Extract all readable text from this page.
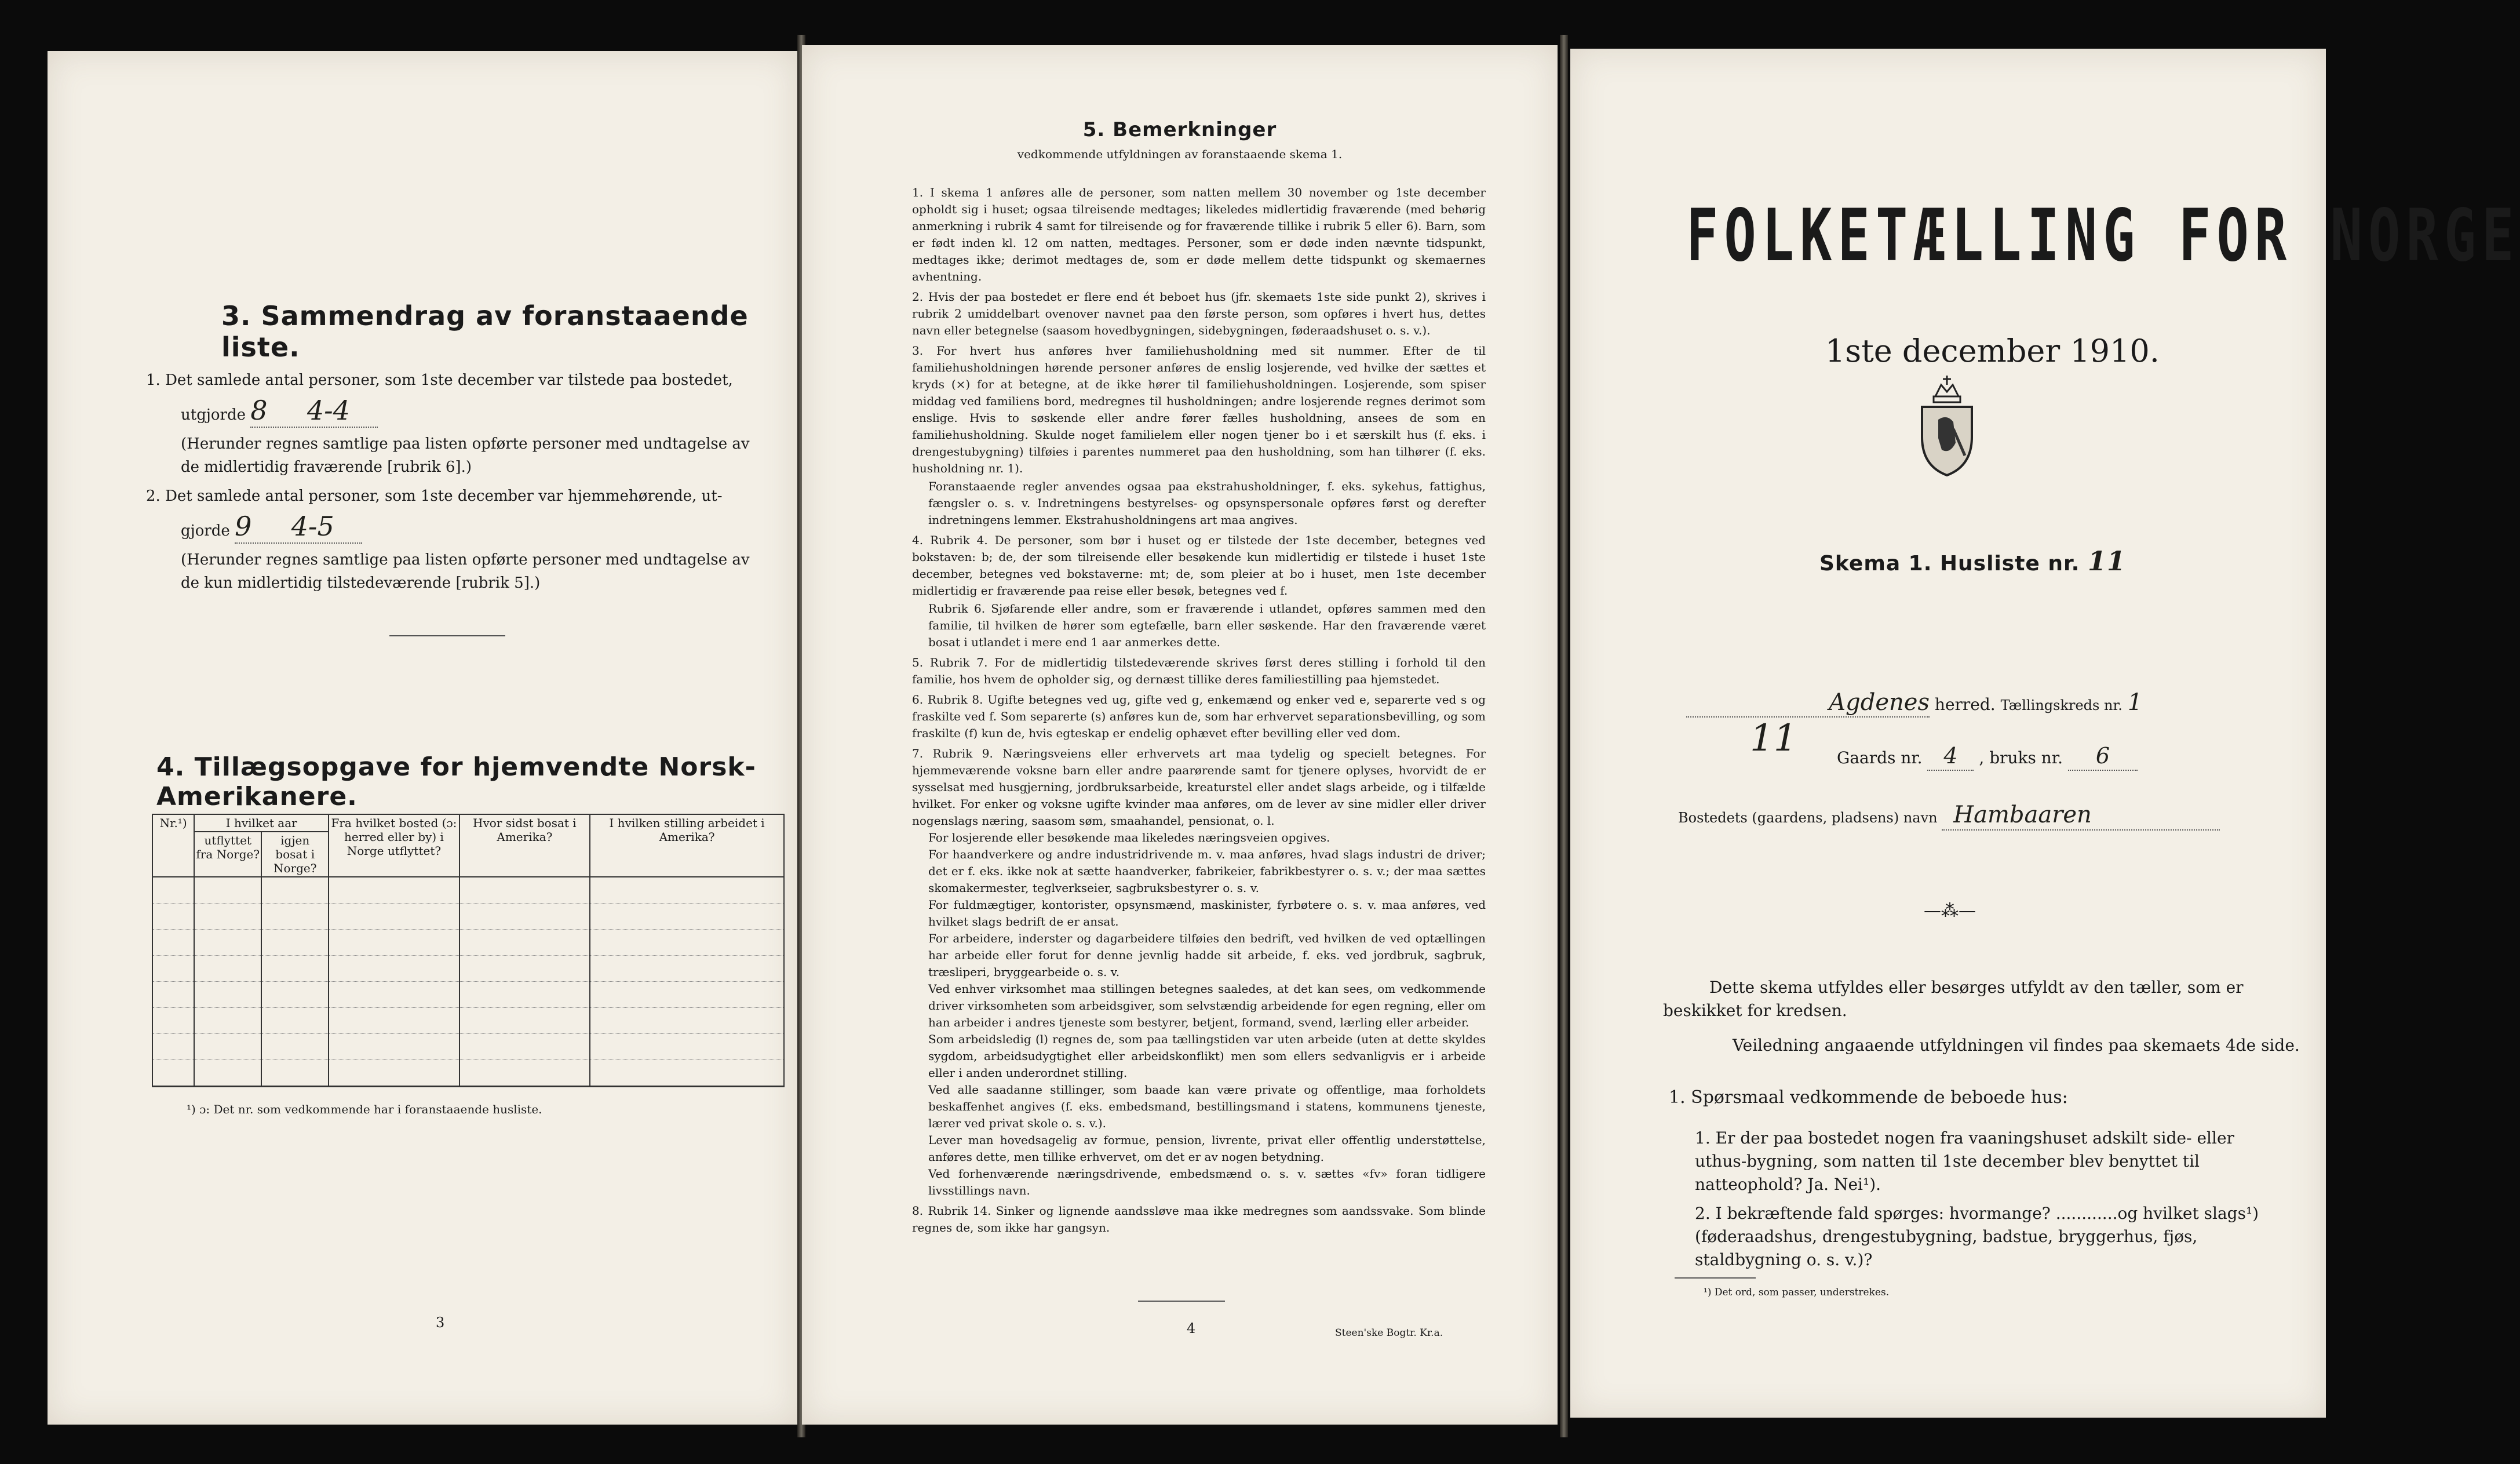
3. Sammendrag av foranstaaende liste.
1. Det samlede antal personer, som 1ste december var tilstede paa bostedet,
utgjorde 8 4-4
(Herunder regnes samtlige paa listen opførte personer med undtagelse av de midlertidig fraværende [rubrik 6].)
2. Det samlede antal personer, som 1ste december var hjemmehørende, ut-
gjorde 9 4-5
(Herunder regnes samtlige paa listen opførte personer med undtagelse av de kun midlertidig tilstedeværende [rubrik 5].)
4. Tillægsopgave for hjemvendte Norsk-Amerikanere.
Nr.¹)	I hvilket aar		Fra hvilket bosted (ɔ: herred eller by) i Norge utflyttet?	Hvor sidst bosat i Amerika?	I hvilken stilling arbeidet i Amerika?
	utflyttet fra Norge?	igjen bosat i Norge?			

¹) ɔ: Det nr. som vedkommende har i foranstaaende husliste.
3
5. Bemerkninger
vedkommende utfyldningen av foranstaaende skema 1.

1. I skema 1 anføres alle de personer, som natten mellem 30 november og 1ste december opholdt sig i huset; ogsaa tilreisende medtages; likeledes midlertidig fraværende (med behørig anmerkning i rubrik 4 samt for tilreisende og for fraværende tillike i rubrik 5 eller 6). Barn, som er født inden kl. 12 om natten, medtages. Personer, som er døde inden nævnte tidspunkt, medtages ikke; derimot medtages de, som er døde mellem dette tidspunkt og skemaernes avhentning.

2. Hvis der paa bostedet er flere end ét beboet hus (jfr. skemaets 1ste side punkt 2), skrives i rubrik 2 umiddelbart ovenover navnet paa den første person, som opføres i hvert hus, dettes navn eller betegnelse (saasom hovedbygningen, sidebygningen, føderaadshuset o. s. v.).

3. For hvert hus anføres hver familiehusholdning med sit nummer. Efter de til familiehusholdningen hørende personer anføres de enslig losjerende, ved hvilke der sættes et kryds (×) for at betegne, at de ikke hører til familiehusholdningen. Losjerende, som spiser middag ved familiens bord, medregnes til husholdningen; andre losjerende regnes derimot som enslige. Hvis to søskende eller andre fører fælles husholdning, ansees de som en familiehusholdning. Skulde noget familielem eller nogen tjener bo i et særskilt hus (f. eks. i drengestubygning) tilføies i parentes nummeret paa den husholdning, som han tilhører (f. eks. husholdning nr. 1).

Foranstaaende regler anvendes ogsaa paa ekstrahusholdninger, f. eks. sykehus, fattighus, fængsler o. s. v. Indretningens bestyrelses- og opsynspersonale opføres først og derefter indretningens lemmer. Ekstrahusholdningens art maa angives.

4. Rubrik 4. De personer, som bør i huset og er tilstede der 1ste december, betegnes ved bokstaven: b; de, der som tilreisende eller besøkende kun midlertidig er tilstede i huset 1ste december, betegnes ved bokstaverne: mt; de, som pleier at bo i huset, men 1ste december midlertidig er fraværende paa reise eller besøk, betegnes ved f.

Rubrik 6. Sjøfarende eller andre, som er fraværende i utlandet, opføres sammen med den familie, til hvilken de hører som egtefælle, barn eller søskende. Har den fraværende været bosat i utlandet i mere end 1 aar anmerkes dette.

5. Rubrik 7. For de midlertidig tilstedeværende skrives først deres stilling i forhold til den familie, hos hvem de opholder sig, og dernæst tillike deres familiestilling paa hjemstedet.

6. Rubrik 8. Ugifte betegnes ved ug, gifte ved g, enkemænd og enker ved e, separerte ved s og fraskilte ved f. Som separerte (s) anføres kun de, som har erhvervet separationsbevilling, og som fraskilte (f) kun de, hvis egteskap er endelig ophævet efter bevilling eller ved dom.

7. Rubrik 9. Næringsveiens eller erhvervets art maa tydelig og specielt betegnes. For hjemmeværende voksne barn eller andre paarørende samt for tjenere oplyses, hvorvidt de er sysselsat med husgjerning, jordbruksarbeide, kreaturstel eller andet slags arbeide, og i tilfælde hvilket. For enker og voksne ugifte kvinder maa anføres, om de lever av sine midler eller driver nogenslags næring, saasom søm, smaahandel, pensionat, o. l.

For losjerende eller besøkende maa likeledes næringsveien opgives.

For haandverkere og andre industridrivende m. v. maa anføres, hvad slags industri de driver; det er f. eks. ikke nok at sætte haandverker, fabrikeier, fabrikbestyrer o. s. v.; der maa sættes skomakermester, teglverkseier, sagbruksbestyrer o. s. v.

For fuldmægtiger, kontorister, opsynsmænd, maskinister, fyrbøtere o. s. v. maa anføres, ved hvilket slags bedrift de er ansat.

For arbeidere, inderster og dagarbeidere tilføies den bedrift, ved hvilken de ved optællingen har arbeide eller forut for denne jevnlig hadde sit arbeide, f. eks. ved jordbruk, sagbruk, træsliperi, bryggearbeide o. s. v.

Ved enhver virksomhet maa stillingen betegnes saaledes, at det kan sees, om vedkommende driver virksomheten som arbeidsgiver, som selvstændig arbeidende for egen regning, eller om han arbeider i andres tjeneste som bestyrer, betjent, formand, svend, lærling eller arbeider.

Som arbeidsledig (l) regnes de, som paa tællingstiden var uten arbeide (uten at dette skyldes sygdom, arbeidsudygtighet eller arbeidskonflikt) men som ellers sedvanligvis er i arbeide eller i anden underordnet stilling.

Ved alle saadanne stillinger, som baade kan være private og offentlige, maa forholdets beskaffenhet angives (f. eks. embedsmand, bestillingsmand i statens, kommunens tjeneste, lærer ved privat skole o. s. v.).

Lever man hovedsagelig av formue, pension, livrente, privat eller offentlig understøttelse, anføres dette, men tillike erhvervet, om det er av nogen betydning.

Ved forhenværende næringsdrivende, embedsmænd o. s. v. sættes «fv» foran tidligere livsstillings navn.

8. Rubrik 14. Sinker og lignende aandssløve maa ikke medregnes som aandssvake. Som blinde regnes de, som ikke har gangsyn.

4	Steen'ske Bogtr. Kr.a.
FOLKETÆLLING FOR NORGE
1ste december 1910.
Skema 1. Husliste nr. 11
Agdenes herred. Tællingskreds nr. 1
11 Gaards nr. 4 , bruks nr. 6
Bostedets (gaardens, pladsens) navn Hambaaren
—⁂—
Dette skema utfyldes eller besørges utfyldt av den tæller, som er beskikket for kredsen.
Veiledning angaaende utfyldningen vil findes paa skemaets 4de side.
1. Spørsmaal vedkommende de beboede hus:
1. Er der paa bostedet nogen fra vaaningshuset adskilt side- eller uthus-bygning, som natten til 1ste december blev benyttet til natteophold? Ja. Nei¹).
2. I bekræftende fald spørges: hvormange? ............og hvilket slags¹) (føderaadshus, drengestubygning, badstue, bryggerhus, fjøs, staldbygning o. s. v.)?
¹) Det ord, som passer, understrekes.
